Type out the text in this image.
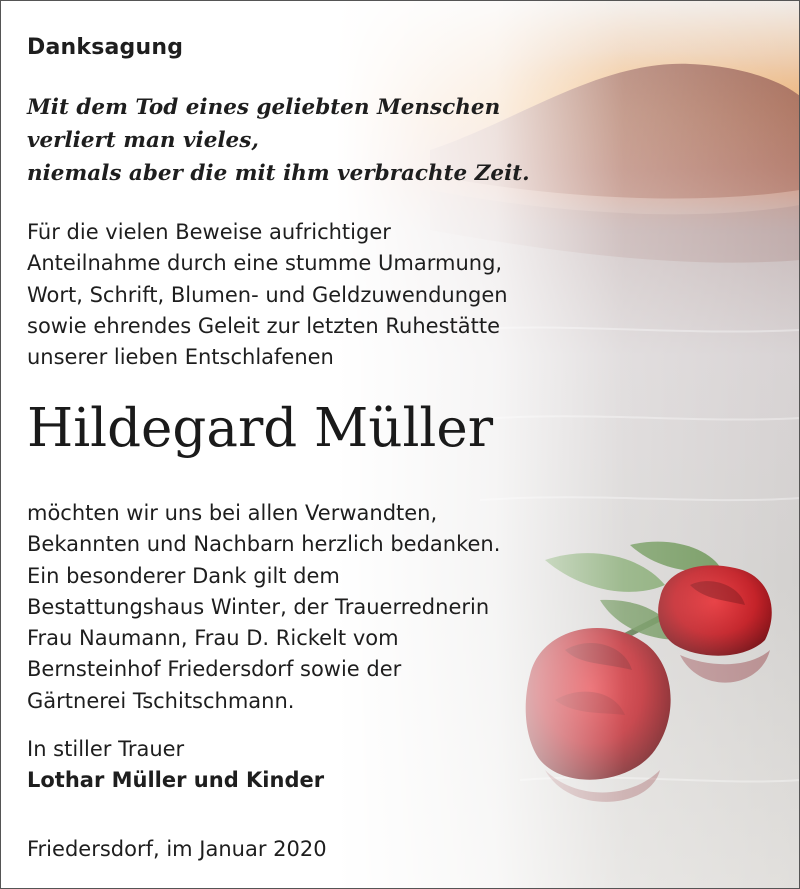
Danksagung
Mit dem Tod eines geliebten Menschen
verliert man vieles,
niemals aber die mit ihm verbrachte Zeit.
Für die vielen Beweise aufrichtiger
Anteilnahme durch eine stumme Umarmung,
Wort, Schrift, Blumen- und Geldzuwendungen
sowie ehrendes Geleit zur letzten Ruhestätte
unserer lieben Entschlafenen
Hildegard Müller
möchten wir uns bei allen Verwandten,
Bekannten und Nachbarn herzlich bedanken.
Ein besonderer Dank gilt dem
Bestattungshaus Winter, der Trauerrednerin
Frau Naumann, Frau D. Rickelt vom
Bernsteinhof Friedersdorf sowie der
Gärtnerei Tschitschmann.
In stiller Trauer
Lothar Müller und Kinder
Friedersdorf, im Januar 2020
